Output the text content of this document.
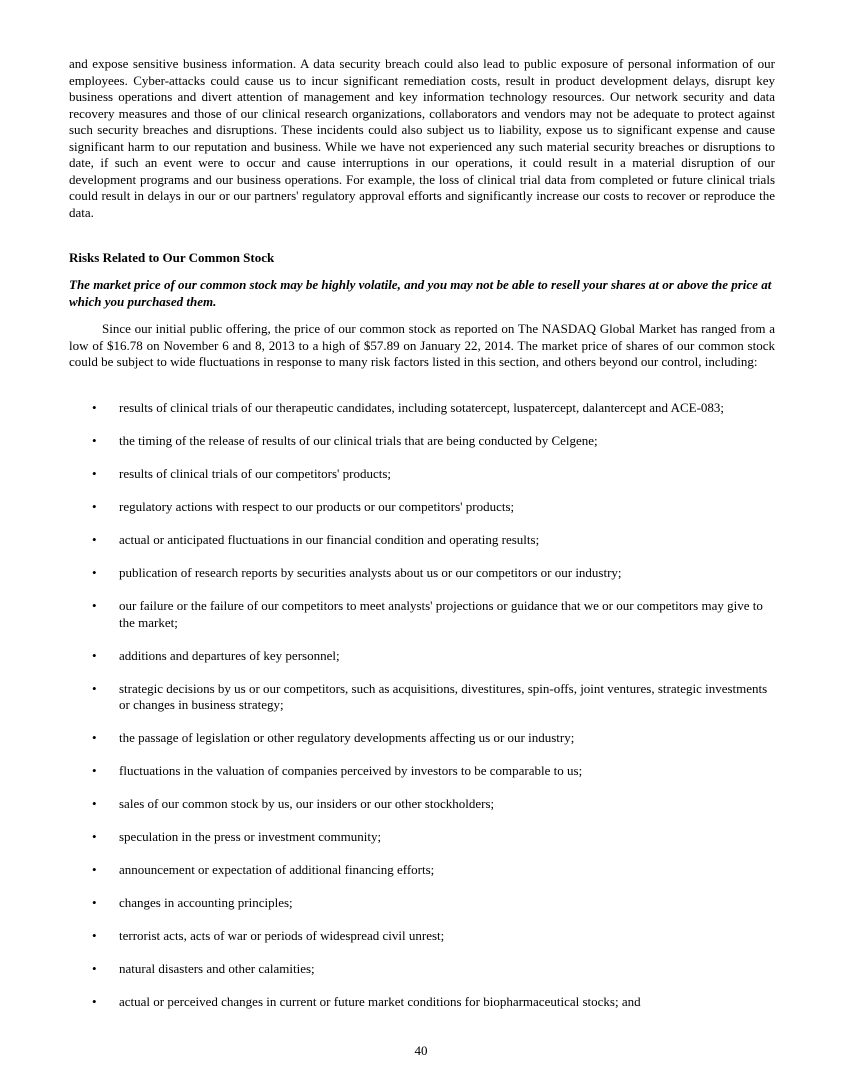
and expose sensitive business information. A data security breach could also lead to public exposure of personal information of our employees. Cyber-attacks could cause us to incur significant remediation costs, result in product development delays, disrupt key business operations and divert attention of management and key information technology resources. Our network security and data recovery measures and those of our clinical research organizations, collaborators and vendors may not be adequate to protect against such security breaches and disruptions. These incidents could also subject us to liability, expose us to significant expense and cause significant harm to our reputation and business. While we have not experienced any such material security breaches or disruptions to date, if such an event were to occur and cause interruptions in our operations, it could result in a material disruption of our development programs and our business operations. For example, the loss of clinical trial data from completed or future clinical trials could result in delays in our or our partners' regulatory approval efforts and significantly increase our costs to recover or reproduce the data.

Risks Related to Our Common Stock

The market price of our common stock may be highly volatile, and you may not be able to resell your shares at or above the price at which you purchased them.

Since our initial public offering, the price of our common stock as reported on The NASDAQ Global Market has ranged from a low of $16.78 on November 6 and 8, 2013 to a high of $57.89 on January 22, 2014. The market price of shares of our common stock could be subject to wide fluctuations in response to many risk factors listed in this section, and others beyond our control, including:

•	results of clinical trials of our therapeutic candidates, including sotatercept, luspatercept, dalantercept and ACE-083;
•	the timing of the release of results of our clinical trials that are being conducted by Celgene;
•	results of clinical trials of our competitors' products;
•	regulatory actions with respect to our products or our competitors' products;
•	actual or anticipated fluctuations in our financial condition and operating results;
•	publication of research reports by securities analysts about us or our competitors or our industry;
•	our failure or the failure of our competitors to meet analysts' projections or guidance that we or our competitors may give to the market;
•	additions and departures of key personnel;
•	strategic decisions by us or our competitors, such as acquisitions, divestitures, spin-offs, joint ventures, strategic investments or changes in business strategy;
•	the passage of legislation or other regulatory developments affecting us or our industry;
•	fluctuations in the valuation of companies perceived by investors to be comparable to us;
•	sales of our common stock by us, our insiders or our other stockholders;
•	speculation in the press or investment community;
•	announcement or expectation of additional financing efforts;
•	changes in accounting principles;
•	terrorist acts, acts of war or periods of widespread civil unrest;
•	natural disasters and other calamities;
•	actual or perceived changes in current or future market conditions for biopharmaceutical stocks; and

40
